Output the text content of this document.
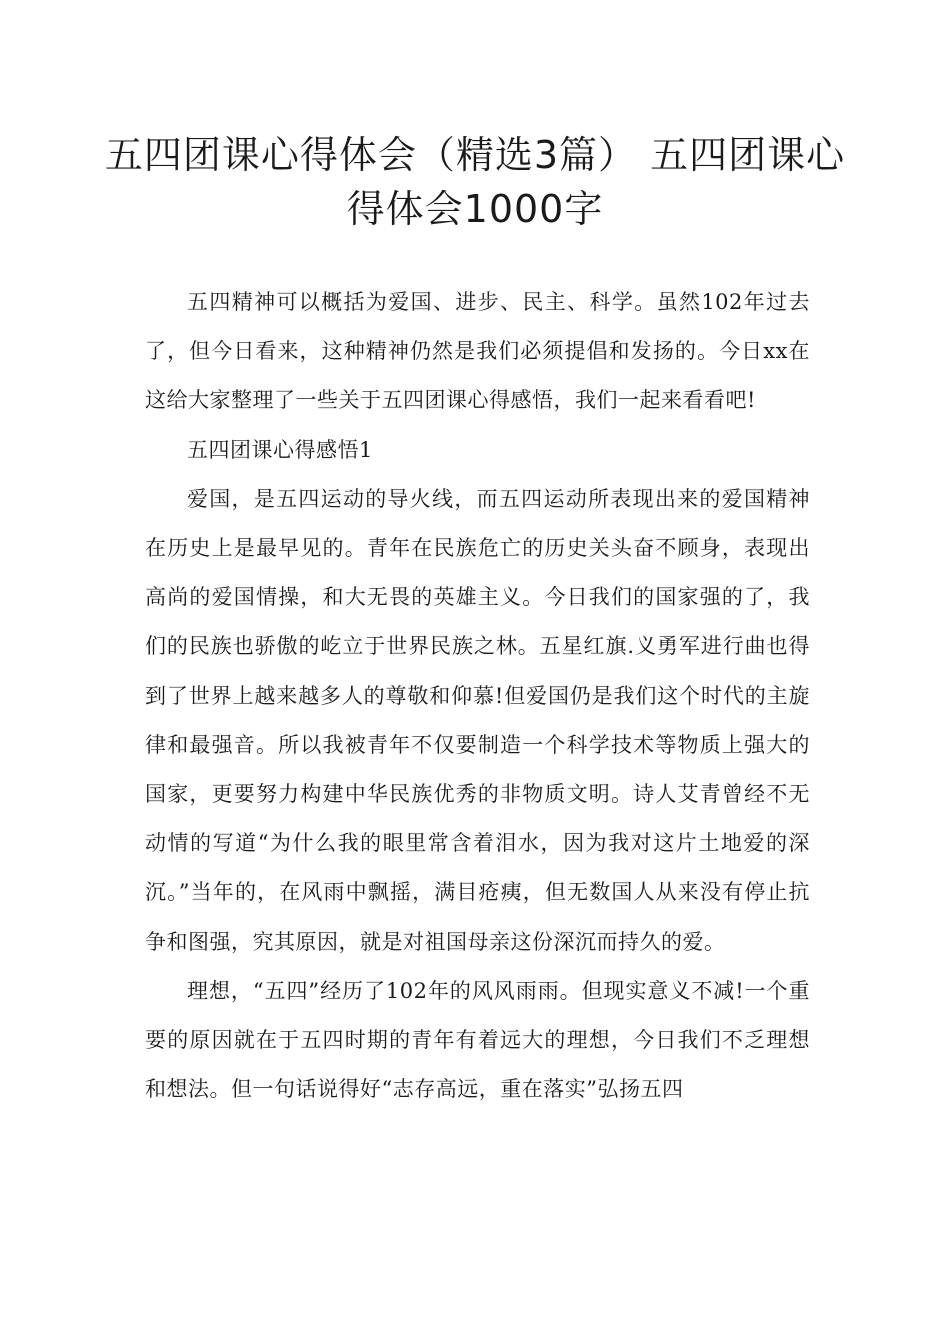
五四团课心得体会（精选3篇） 五四团课心得体会1000字

五四精神可以概括为爱国、进步、民主、科学。虽然102年过去了，但今日看来，这种精神仍然是我们必须提倡和发扬的。今日xx在这给大家整理了一些关于五四团课心得感悟，我们一起来看看吧!

五四团课心得感悟1

爱国，是五四运动的导火线，而五四运动所表现出来的爱国精神在历史上是最早见的。青年在民族危亡的历史关头奋不顾身，表现出高尚的爱国情操，和大无畏的英雄主义。今日我们的国家强的了，我们的民族也骄傲的屹立于世界民族之林。五星红旗.义勇军进行曲也得到了世界上越来越多人的尊敬和仰慕!但爱国仍是我们这个时代的主旋律和最强音。所以我被青年不仅要制造一个科学技术等物质上强大的国家，更要努力构建中华民族优秀的非物质文明。诗人艾青曾经不无动情的写道“为什么我的眼里常含着泪水，因为我对这片土地爱的深沉。”当年的，在风雨中飘摇，满目疮痍，但无数国人从来没有停止抗争和图强，究其原因，就是对祖国母亲这份深沉而持久的爱。

理想，“五四”经历了102年的风风雨雨。但现实意义不减!一个重要的原因就在于五四时期的青年有着远大的理想，今日我们不乏理想和想法。但一句话说得好“志存高远，重在落实”弘扬五四
